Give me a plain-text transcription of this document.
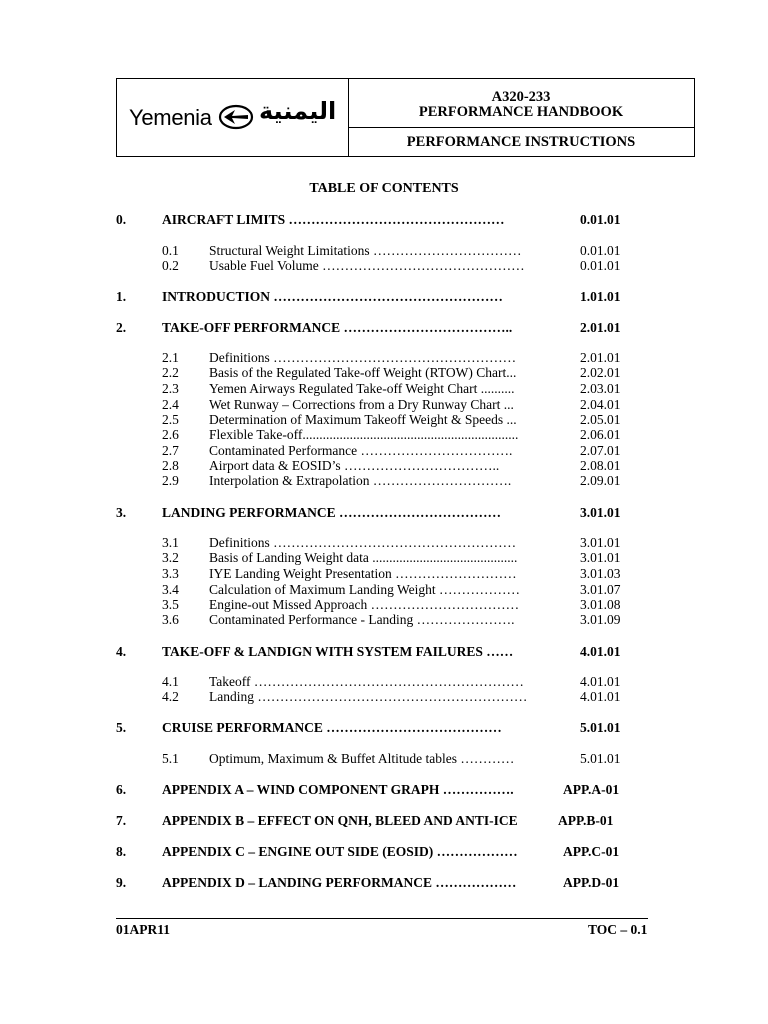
Yemenia اليمنية	A320-233
PERFORMANCE HANDBOOK
PERFORMANCE INSTRUCTIONS
TABLE OF CONTENTS
0.	AIRCRAFT LIMITS …………………………………………	0.01.01
0.1 Structural Weight Limitations ……………………………	0.01.01
0.2 Usable Fuel Volume ………………………………………	0.01.01
1.	INTRODUCTION ……………………………………………	1.01.01
2.	TAKE-OFF PERFORMANCE ………………………………..	2.01.01
2.1 Definitions ………………………………………………	2.01.01
2.2 Basis of the Regulated Take-off Weight (RTOW) Chart...	2.02.01
2.3 Yemen Airways Regulated Take-off Weight Chart ..........	2.03.01
2.4 Wet Runway – Corrections from a Dry Runway Chart ...	2.04.01
2.5 Determination of Maximum Takeoff Weight & Speeds ...	2.05.01
2.6 Flexible Take-off................................................................	2.06.01
2.7 Contaminated Performance …………………………….	2.07.01
2.8 Airport data & EOSID’s ……………………………..	2.08.01
2.9 Interpolation & Extrapolation ………………………….	2.09.01
3.	LANDING PERFORMANCE ………………………………	3.01.01
3.1 Definitions ………………………………………………	3.01.01
3.2 Basis of Landing Weight data ...........................................	3.01.01
3.3 IYE Landing Weight Presentation ………………………	3.01.03
3.4 Calculation of Maximum Landing Weight ………………	3.01.07
3.5 Engine-out Missed Approach ……………………………	3.01.08
3.6 Contaminated Performance - Landing ………………….	3.01.09
4.	TAKE-OFF & LANDIGN WITH SYSTEM FAILURES ……	4.01.01
4.1 Takeoff ……………………………………………………	4.01.01
4.2 Landing ……………………………………………………	4.01.01
5.	CRUISE PERFORMANCE …………………………………	5.01.01
5.1 Optimum, Maximum & Buffet Altitude tables …………	5.01.01
6.	APPENDIX A – WIND COMPONENT GRAPH …………….	APP.A-01
7.	APPENDIX B – EFFECT ON QNH, BLEED AND ANTI-ICE	APP.B-01
8.	APPENDIX C – ENGINE OUT SIDE (EOSID) ………………	APP.C-01
9.	APPENDIX D – LANDING PERFORMANCE ………………	APP.D-01
01APR11	TOC – 0.1
